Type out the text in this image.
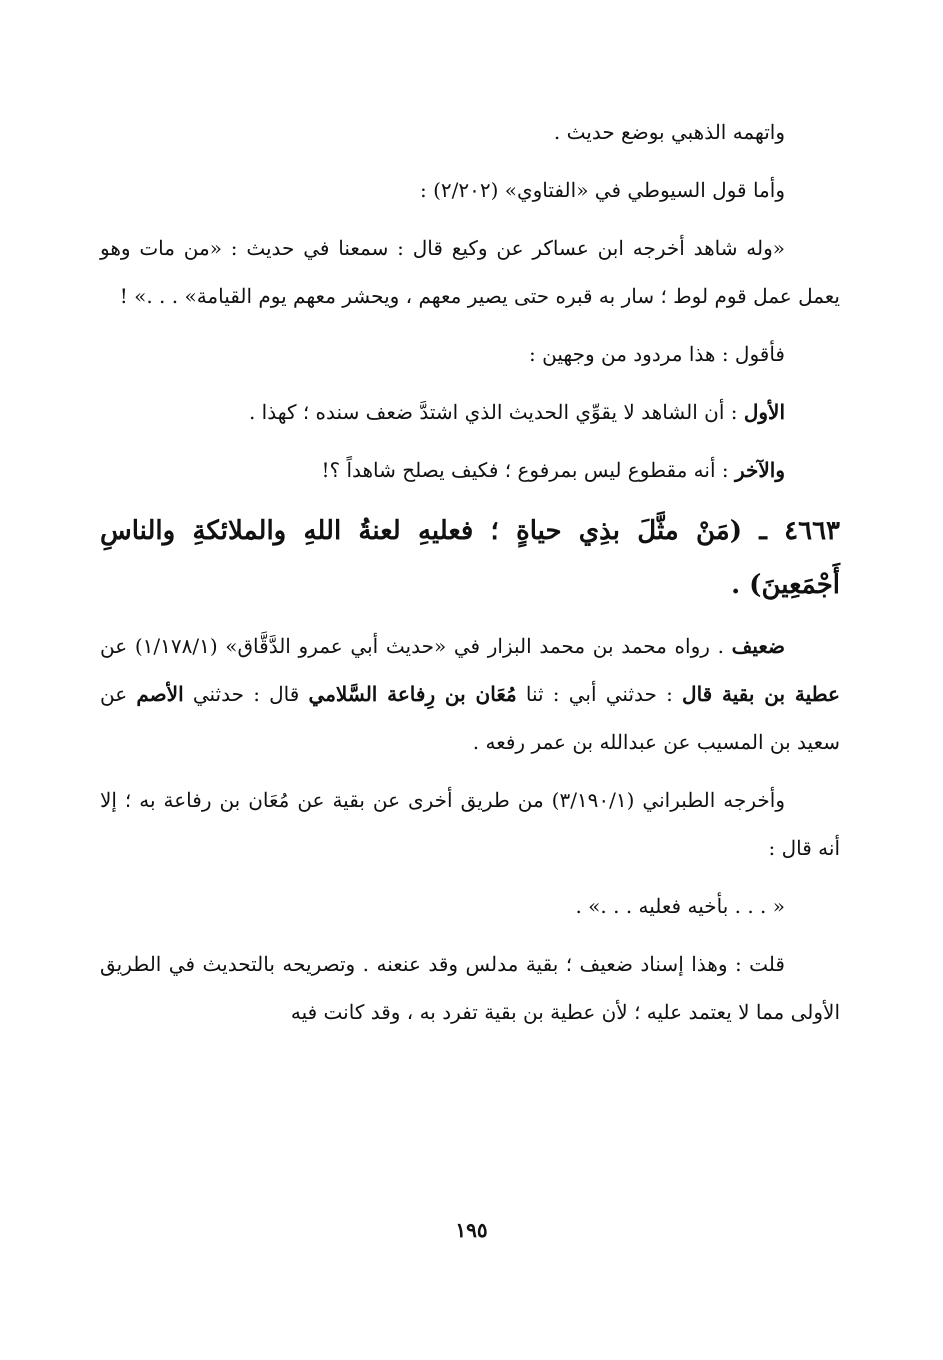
واتهمه الذهبي بوضع حديث .

وأما قول السيوطي في «الفتاوي» (٢/٢٠٢) :

«وله شاهد أخرجه ابن عساكر عن وكيع قال : سمعنا في حديث : «من مات وهو يعمل عمل قوم لوط ؛ سار به قبره حتى يصير معهم ، ويحشر معهم يوم القيامة» . . .» !

فأقول : هذا مردود من وجهين :

الأول : أن الشاهد لا يقوِّي الحديث الذي اشتدَّ ضعف سنده ؛ كهذا .

والآخر : أنه مقطوع ليس بمرفوع ؛ فكيف يصلح شاهداً ؟!

٤٦٦٣ ـ (مَنْ مثَّلَ بذِي حياةٍ ؛ فعليهِ لعنةُ اللهِ والملائكةِ والناسِ أَجْمَعِينَ) .

ضعيف . رواه محمد بن محمد البزار في «حديث أبي عمرو الدَّقَّاق» (١/١٧٨/١) عن عطية بن بقية قال : حدثني أبي : ثنا مُعَان بن رِفاعة السَّلامي قال : حدثني الأصم عن سعيد بن المسيب عن عبدالله بن عمر رفعه .

وأخرجه الطبراني (٣/١٩٠/١) من طريق أخرى عن بقية عن مُعَان بن رفاعة به ؛ إلا أنه قال :

« . . . بأخيه فعليه . . .» .

قلت : وهذا إسناد ضعيف ؛ بقية مدلس وقد عنعنه . وتصريحه بالتحديث في الطريق الأولى مما لا يعتمد عليه ؛ لأن عطية بن بقية تفرد به ، وقد كانت فيه

١٩٥
